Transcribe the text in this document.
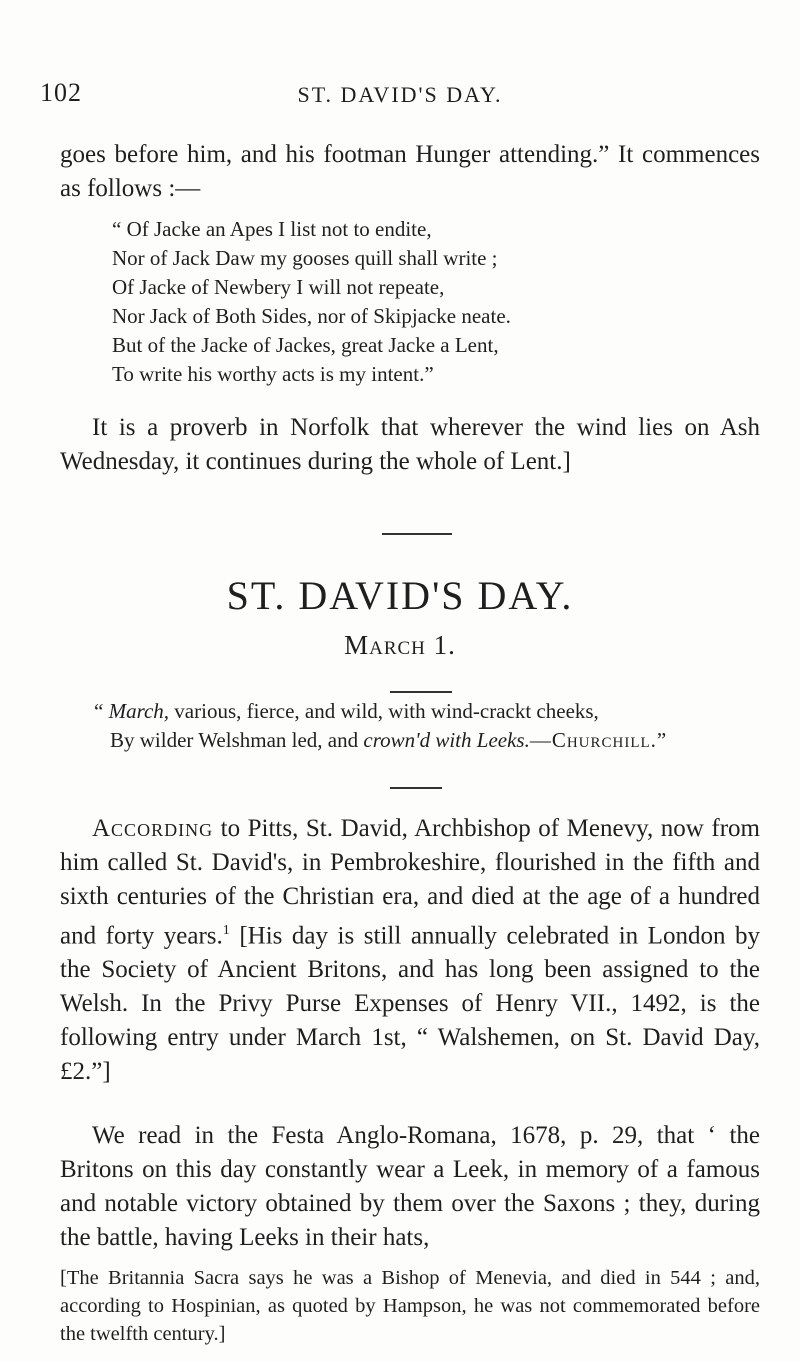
102	ST. DAVID'S DAY.

goes before him, and his footman Hunger attending.” It commences as follows :—

“ Of Jacke an Apes I list not to endite,
Nor of Jack Daw my gooses quill shall write ;
Of Jacke of Newbery I will not repeate,
Nor Jack of Both Sides, nor of Skipjacke neate.
But of the Jacke of Jackes, great Jacke a Lent,
To write his worthy acts is my intent.”

It is a proverb in Norfolk that wherever the wind lies on Ash Wednesday, it continues during the whole of Lent.]

ST. DAVID'S DAY.
March 1.
“ March, various, fierce, and wild, with wind-crackt cheeks,
By wilder Welshman led, and crown'd with Leeks.—Churchill.”

According to Pitts, St. David, Archbishop of Menevy, now from him called St. David's, in Pembrokeshire, flourished in the fifth and sixth centuries of the Christian era, and died at the age of a hundred and forty years.$^1$ [His day is still annually celebrated in London by the Society of Ancient Britons, and has long been assigned to the Welsh. In the Privy Purse Expenses of Henry VII., 1492, is the following entry under March 1st, “ Walshemen, on St. David Day, £2.”]

We read in the Festa Anglo-Romana, 1678, p. 29, that ‘ the Britons on this day constantly wear a Leek, in memory of a famous and notable victory obtained by them over the Saxons ; they, during the battle, having Leeks in their hats,

[The Britannia Sacra says he was a Bishop of Menevia, and died in 544 ; and, according to Hospinian, as quoted by Hampson, he was not commemorated before the twelfth century.]
